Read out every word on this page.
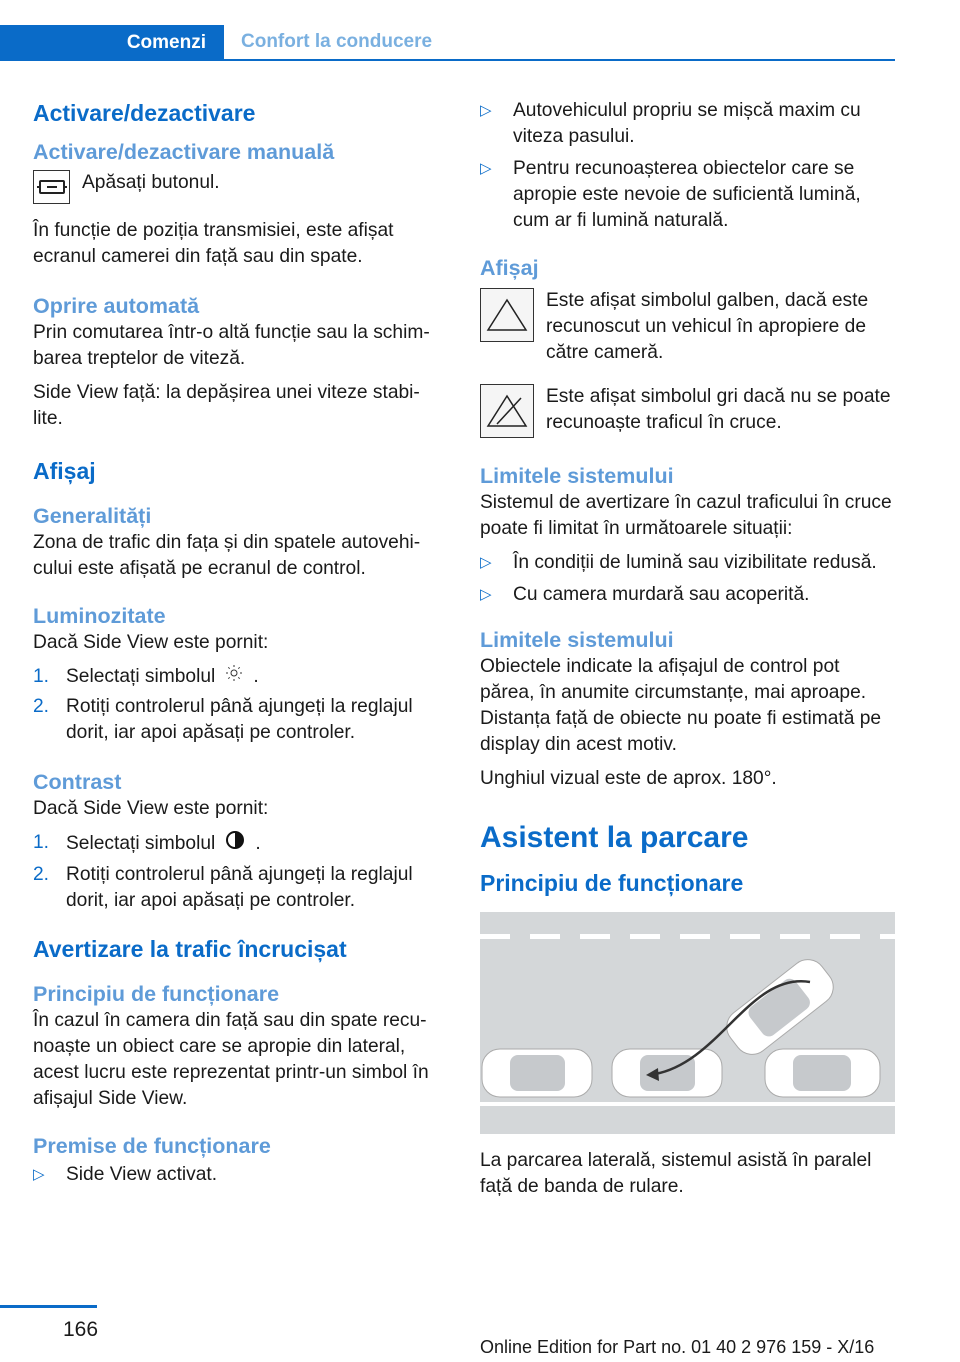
Comenzi	Confort la conducere
Activare/dezactivare
Activare/dezactivare manuală

Apăsați butonul.

În funcție de poziția transmisiei, este afișat ecranul camerei din față sau din spate.

Oprire automată

Prin comutarea într-o altă funcție sau la schim-barea treptelor de viteză.

Side View față: la depășirea unei viteze stabi-lite.

Afișaj
Generalități

Zona de trafic din fața și din spatele autovehi-cului este afișată pe ecranul de control.

Luminozitate

Dacă Side View este pornit:

1. Selectați simbolul .
2. Rotiți controlerul până ajungeți la reglajul dorit, iar apoi apăsați pe controler.
Contrast

Dacă Side View este pornit:

1. Selectați simbolul .
2. Rotiți controlerul până ajungeți la reglajul dorit, iar apoi apăsați pe controler.
Avertizare la trafic încrucișat
Principiu de funcționare

În cazul în camera din față sau din spate recu-noaște un obiect care se apropie din lateral, acest lucru este reprezentat printr-un simbol în afișajul Side View.

Premise de funcționare
▷ Side View activat.
▷ Autovehiculul propriu se mișcă maxim cu viteza pasului.
▷ Pentru recunoașterea obiectelor care se apropie este nevoie de suficientă lumină, cum ar fi lumină naturală.
Afișaj

Este afișat simbolul galben, dacă este recunoscut un vehicul în apropiere de către cameră.

Este afișat simbolul gri dacă nu se poate recunoaște traficul în cruce.

Limitele sistemului

Sistemul de avertizare în cazul traficului în cruce poate fi limitat în următoarele situații:

▷ În condiții de lumină sau vizibilitate redusă.
▷ Cu camera murdară sau acoperită.
Limitele sistemului

Obiectele indicate la afișajul de control pot părea, în anumite circumstanțe, mai aproape. Distanța față de obiecte nu poate fi estimată pe display din acest motiv.

Unghiul vizual este de aprox. 180°.

Asistent la parcare
Principiu de funcționare

La parcarea laterală, sistemul asistă în paralel față de banda de rulare.

166
Online Edition for Part no. 01 40 2 976 159 - X/16
